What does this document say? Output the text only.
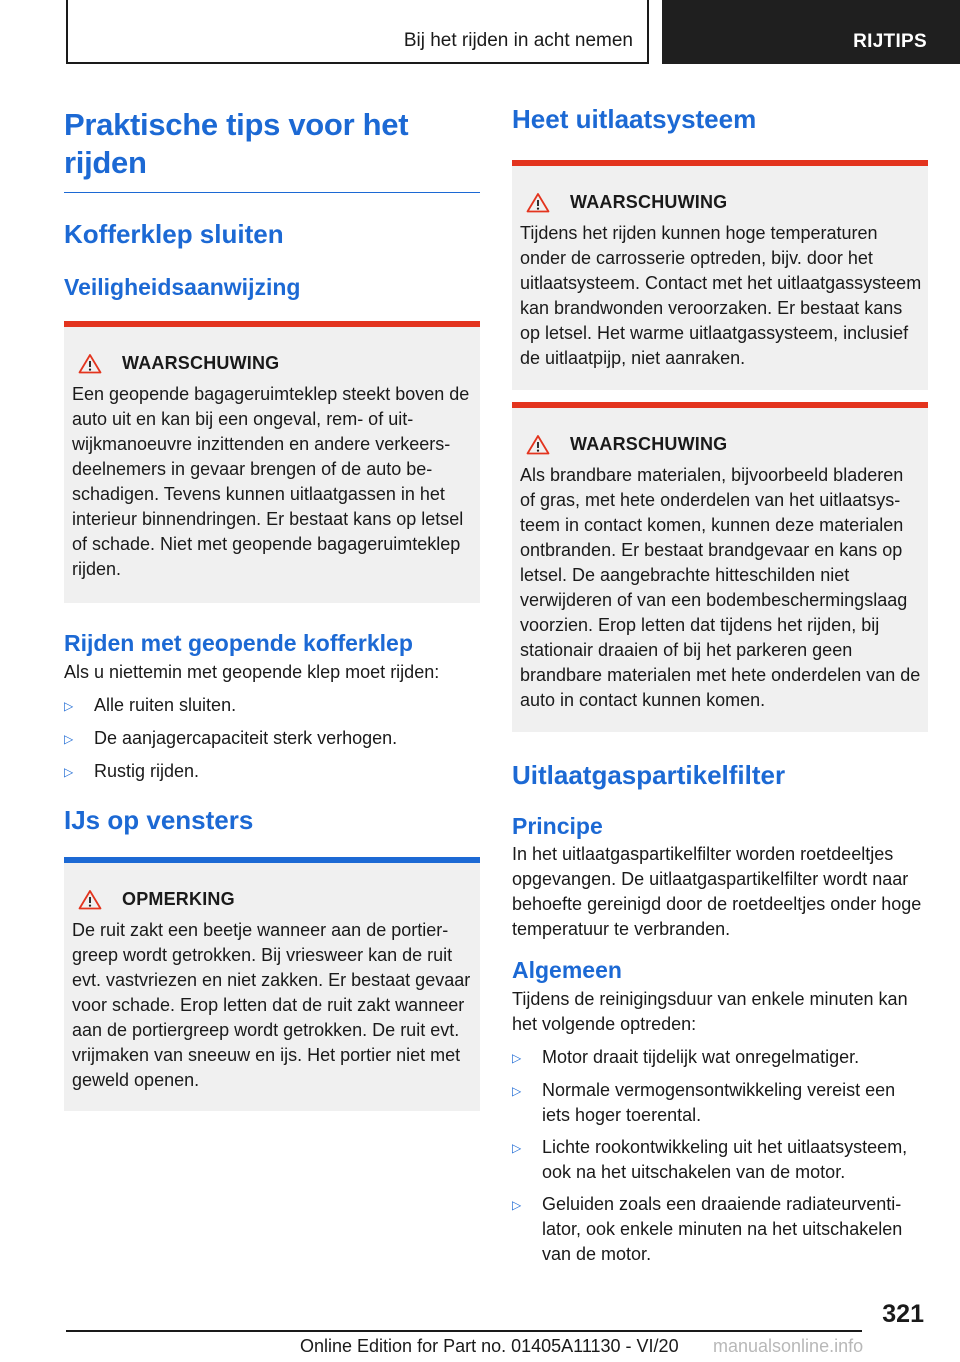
Bij het rijden in acht nemen	RIJTIPS
Praktische tips voor het rijden
Kofferklep sluiten
Veiligheidsaanwijzing
WAARSCHUWING

Een geopende bagageruimteklep steekt boven de auto uit en kan bij een ongeval, rem- of uitwijkmanoeuvre inzittenden en andere verkeersdeelnemers in gevaar brengen of de auto beschadigen. Tevens kunnen uitlaatgassen in het interieur binnendringen. Er bestaat kans op letsel of schade. Niet met geopende bagageruimteklep rijden.

Rijden met geopende kofferklep

Als u niettemin met geopende klep moet rijden:

▷	Alle ruiten sluiten.
▷	De aanjagercapaciteit sterk verhogen.
▷	Rustig rijden.
IJs op vensters
OPMERKING

De ruit zakt een beetje wanneer aan de portiergreep wordt getrokken. Bij vriesweer kan de ruit evt. vastvriezen en niet zakken. Er bestaat gevaar voor schade. Erop letten dat de ruit zakt wanneer aan de portiergreep wordt getrokken. De ruit evt. vrijmaken van sneeuw en ijs. Het portier niet met geweld openen.

Heet uitlaatsysteem
WAARSCHUWING

Tijdens het rijden kunnen hoge temperaturen onder de carrosserie optreden, bijv. door het uitlaatsysteem. Contact met het uitlaatgassysteem kan brandwonden veroorzaken. Er bestaat kans op letsel. Het warme uitlaatgassysteem, inclusief de uitlaatpijp, niet aanraken.

WAARSCHUWING

Als brandbare materialen, bijvoorbeeld bladeren of gras, met hete onderdelen van het uitlaatsysteem in contact komen, kunnen deze materialen ontbranden. Er bestaat brandgevaar en kans op letsel. De aangebrachte hitteschilden niet verwijderen of van een bodembeschermingslaag voorzien. Erop letten dat tijdens het rijden, bij stationair draaien of bij het parkeren geen brandbare materialen met hete onderdelen van de auto in contact kunnen komen.

Uitlaatgaspartikelfilter
Principe

In het uitlaatgaspartikelfilter worden roetdeeltjes opgevangen. De uitlaatgaspartikelfilter wordt naar behoefte gereinigd door de roetdeeltjes onder hoge temperatuur te verbranden.

Algemeen

Tijdens de reinigingsduur van enkele minuten kan het volgende optreden:

▷	Motor draait tijdelijk wat onregelmatiger.
▷	Normale vermogensontwikkeling vereist een iets hoger toerental.
▷	Lichte rookontwikkeling uit het uitlaatsysteem, ook na het uitschakelen van de motor.
▷	Geluiden zoals een draaiende radiateurventilator, ook enkele minuten na het uitschakelen van de motor.
321
Online Edition for Part no. 01405A11130 - VI/20 manualsonline.info
